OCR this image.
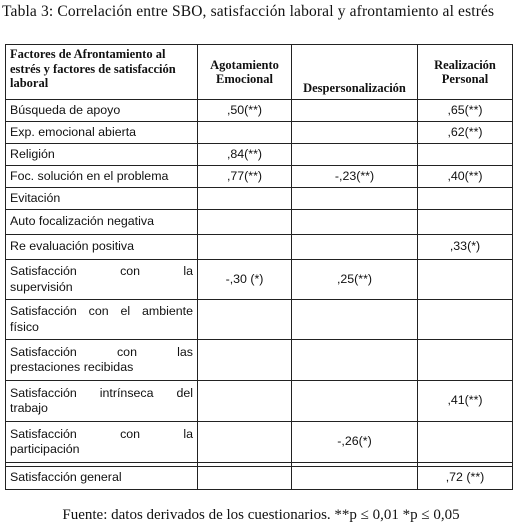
Tabla 3: Correlación entre SBO, satisfacción laboral y afrontamiento al estrés
Factores de Afrontamiento al estrés y factores de satisfacción laboral	Agotamiento Emocional	Despersonalización	Realización Personal
Búsqueda de apoyo	,50(**)		,65(**)
Exp. emocional abierta			,62(**)
Religión	,84(**)		
Foc. solución en el problema	,77(**)	-,23(**)	,40(**)
Evitación			
Auto focalización negativa			
Re evaluación positiva			,33(*)

Satisfacción con la
supervisión	-,30 (*)	,25(**)	

Satisfacción con el ambiente
físico			

Satisfacción con las
prestaciones recibidas			

Satisfacción intrínseca del
trabajo			,41(**)

Satisfacción con la
participación		-,26(*)	

Satisfacción general			,72 (**)
Fuente: datos derivados de los cuestionarios. **p ≤ 0,01 *p ≤ 0,05
